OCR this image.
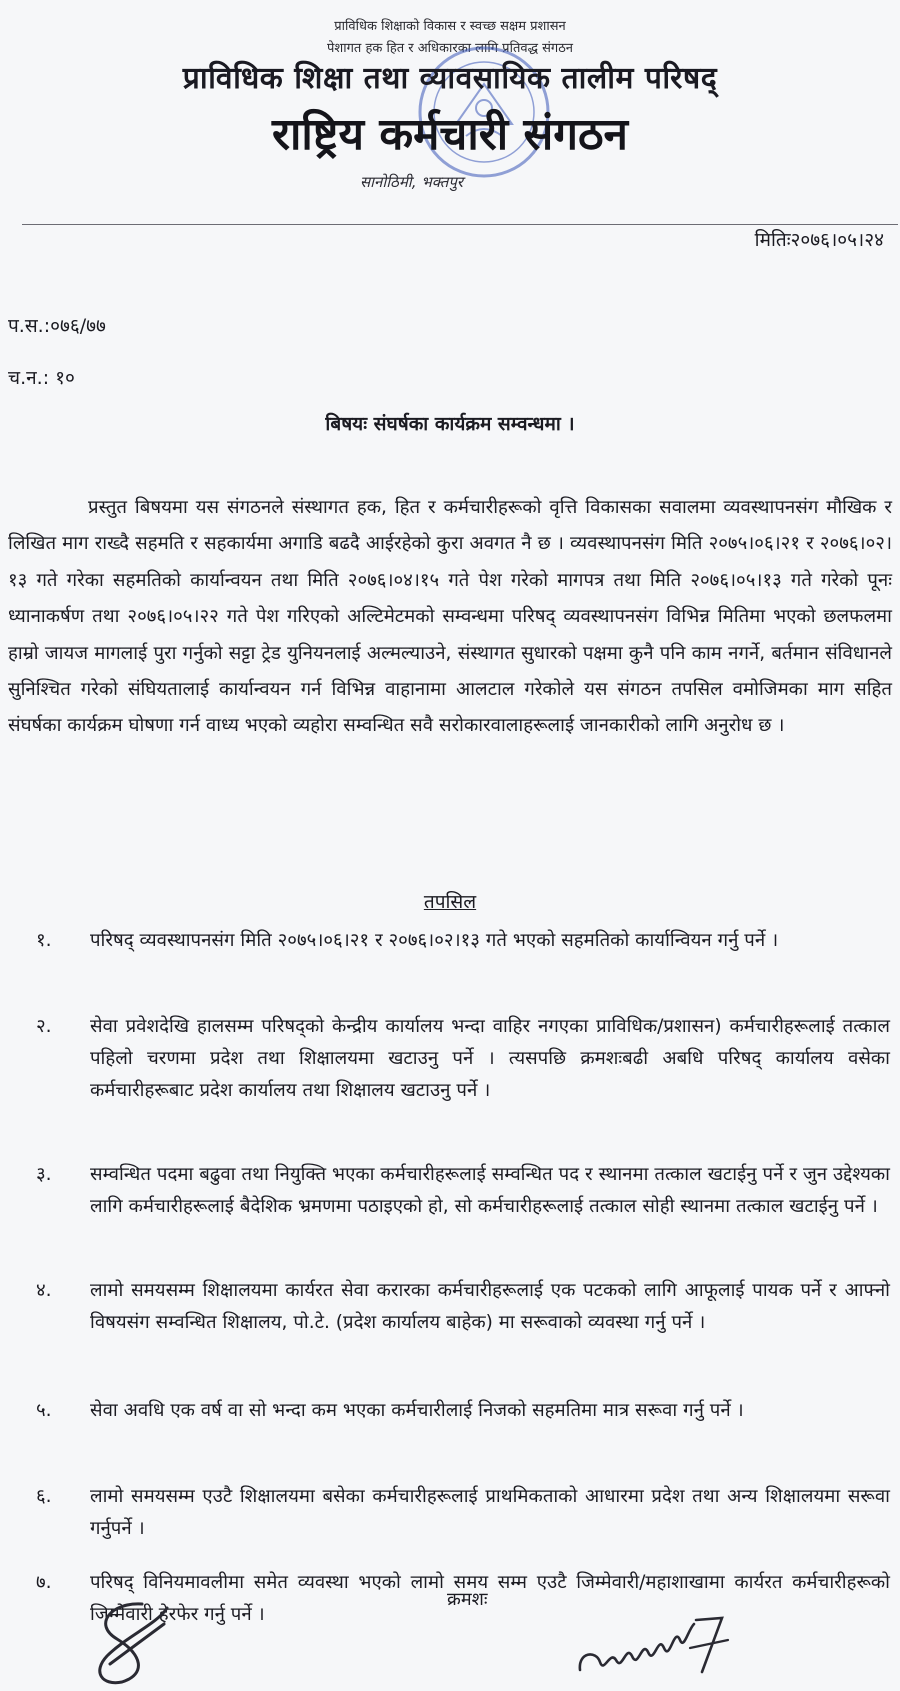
प्राविधिक शिक्षाको विकास र स्वच्छ सक्षम प्रशासन
पेशागत हक हित र अधिकारका लागि प्रतिवद्ध संगठन
प्राविधिक शिक्षा तथा व्यावसायिक तालीम परिषद्
राष्ट्रिय कर्मचारी संगठन
सानोठिमी, भक्तपुर
मितिः२०७६।०५।२४
प.स.:०७६/७७
च.न.: १०
बिषयः संघर्षका कार्यक्रम सम्वन्धमा ।

प्रस्तुत बिषयमा यस संगठनले संस्थागत हक, हित र कर्मचारीहरूको वृत्ति विकासका सवालमा व्यवस्थापनसंग मौखिक र लिखित माग राख्दै सहमति र सहकार्यमा अगाडि बढदै आईरहेको कुरा अवगत नै छ । व्यवस्थापनसंग मिति २०७५।०६।२१ र २०७६।०२।१३ गते गरेका सहमतिको कार्यान्वयन तथा मिति २०७६।०४।१५ गते पेश गरेको मागपत्र तथा मिति २०७६।०५।१३ गते गरेको पूनः ध्यानाकर्षण तथा २०७६।०५।२२ गते पेश गरिएको अल्टिमेटमको सम्वन्धमा परिषद् व्यवस्थापनसंग विभिन्न मितिमा भएको छलफलमा हाम्रो जायज मागलाई पुरा गर्नुको सट्टा ट्रेड युनियनलाई अल्मल्याउने, संस्थागत सुधारको पक्षमा कुनै पनि काम नगर्ने, बर्तमान संविधानले सुनिश्चित गरेको संघियतालाई कार्यान्वयन गर्न विभिन्न वाहानामा आलटाल गरेकोले यस संगठन तपसिल वमोजिमका माग सहित संघर्षका कार्यक्रम घोषणा गर्न वाध्य भएको व्यहोरा सम्वन्धित सवै सरोकारवालाहरूलाई जानकारीको लागि अनुरोध छ ।

तपसिल
१. परिषद् व्यवस्थापनसंग मिति २०७५।०६।२१ र २०७६।०२।१३ गते भएको सहमतिको कार्यान्वियन गर्नु पर्ने ।
२. सेवा प्रवेशदेखि हालसम्म परिषद्को केन्द्रीय कार्यालय भन्दा वाहिर नगएका प्राविधिक/प्रशासन) कर्मचारीहरूलाई तत्काल पहिलो चरणमा प्रदेश तथा शिक्षालयमा खटाउनु पर्ने । त्यसपछि क्रमशःबढी अबधि परिषद् कार्यालय वसेका कर्मचारीहरूबाट प्रदेश कार्यालय तथा शिक्षालय खटाउनु पर्ने ।
३. सम्वन्धित पदमा बढुवा तथा नियुक्ति भएका कर्मचारीहरूलाई सम्वन्धित पद र स्थानमा तत्काल खटाईनु पर्ने र जुन उद्देश्यका लागि कर्मचारीहरूलाई बैदेशिक भ्रमणमा पठाइएको हो, सो कर्मचारीहरूलाई तत्काल सोही स्थानमा तत्काल खटाईनु पर्ने ।
४. लामो समयसम्म शिक्षालयमा कार्यरत सेवा करारका कर्मचारीहरूलाई एक पटकको लागि आफूलाई पायक पर्ने र आफ्नो विषयसंग सम्वन्धित शिक्षालय, पो.टे. (प्रदेश कार्यालय बाहेक) मा सरूवाको व्यवस्था गर्नु पर्ने ।
५. सेवा अवधि एक वर्ष वा सो भन्दा कम भएका कर्मचारीलाई निजको सहमतिमा मात्र सरूवा गर्नु पर्ने ।
६. लामो समयसम्म एउटै शिक्षालयमा बसेका कर्मचारीहरूलाई प्राथमिकताको आधारमा प्रदेश तथा अन्य शिक्षालयमा सरूवा गर्नुपर्ने ।
७. परिषद् विनियमावलीमा समेत व्यवस्था भएको लामो समय सम्म एउटै जिम्मेवारी/महाशाखामा कार्यरत कर्मचारीहरूको जिम्मेवारी हेरफेर गर्नु पर्ने ।
क्रमशः
